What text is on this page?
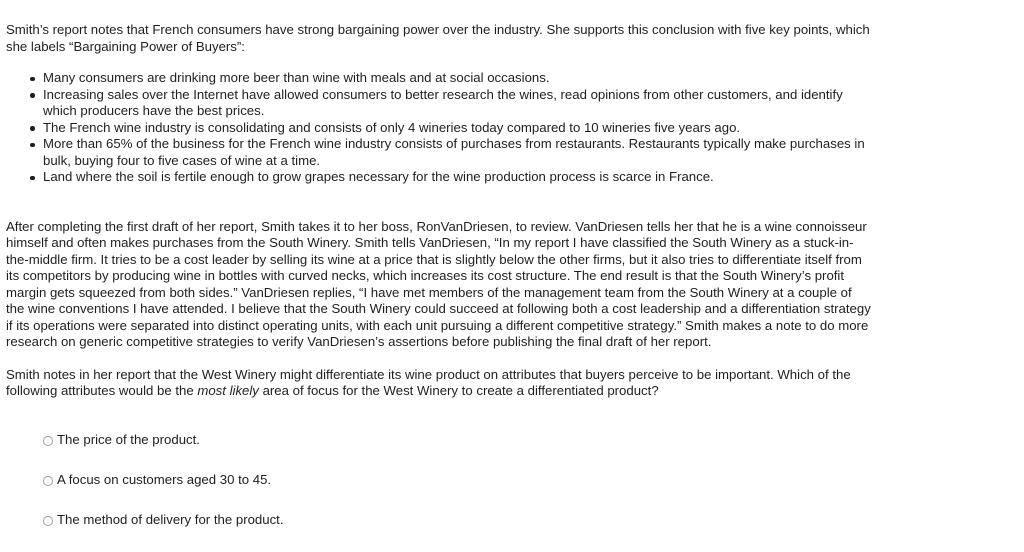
Smith’s report notes that French consumers have strong bargaining power over the industry. She supports this conclusion with five key points, which she labels “Bargaining Power of Buyers”:

Many consumers are drinking more beer than wine with meals and at social occasions.
Increasing sales over the Internet have allowed consumers to better research the wines, read opinions from other customers, and identify which producers have the best prices.
The French wine industry is consolidating and consists of only 4 wineries today compared to 10 wineries five years ago.
More than 65% of the business for the French wine industry consists of purchases from restaurants. Restaurants typically make purchases in bulk, buying four to five cases of wine at a time.
Land where the soil is fertile enough to grow grapes necessary for the wine production process is scarce in France.

After completing the first draft of her report, Smith takes it to her boss, RonVanDriesen, to review. VanDriesen tells her that he is a wine connoisseur himself and often makes purchases from the South Winery. Smith tells VanDriesen, “In my report I have classified the South Winery as a stuck-in-the-middle firm. It tries to be a cost leader by selling its wine at a price that is slightly below the other firms, but it also tries to differentiate itself from its competitors by producing wine in bottles with curved necks, which increases its cost structure. The end result is that the South Winery’s profit margin gets squeezed from both sides.” VanDriesen replies, “I have met members of the management team from the South Winery at a couple of the wine conventions I have attended. I believe that the South Winery could succeed at following both a cost leadership and a differentiation strategy if its operations were separated into distinct operating units, with each unit pursuing a different competitive strategy.” Smith makes a note to do more research on generic competitive strategies to verify VanDriesen’s assertions before publishing the final draft of her report.

Smith notes in her report that the West Winery might differentiate its wine product on attributes that buyers perceive to be important. Which of the following attributes would be the most likely area of focus for the West Winery to create a differentiated product?

The price of the product.
A focus on customers aged 30 to 45.
The method of delivery for the product.
